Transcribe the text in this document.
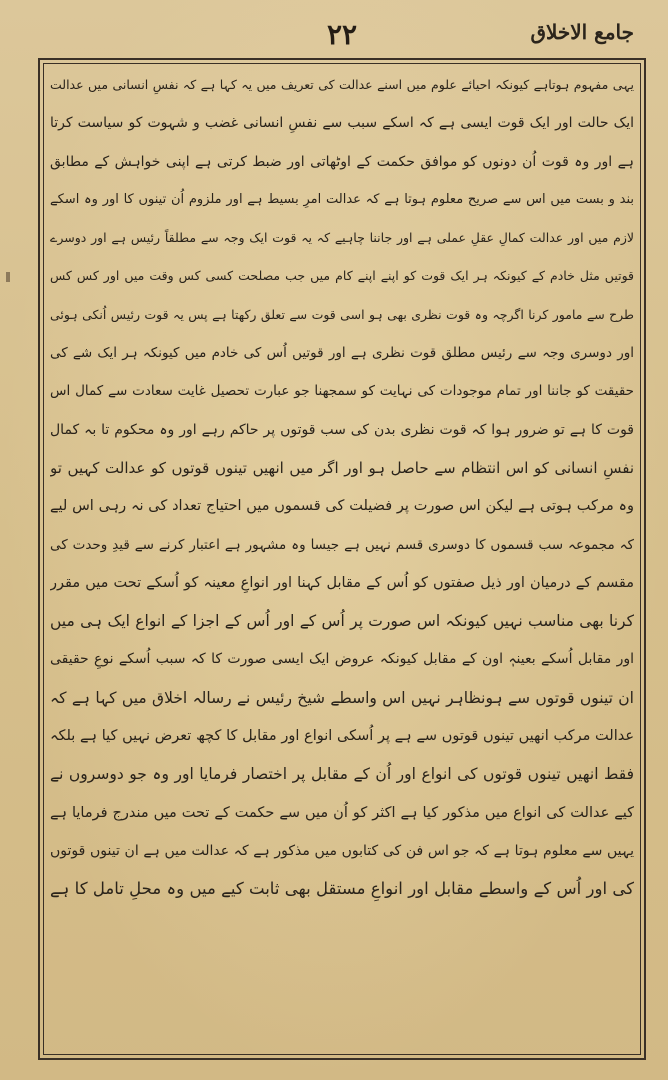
جامع الاخلاق
۲۲
یہی مفہوم ہوتاہے کیونکہ احیائے علوم میں اسنے عدالت کی تعریف میں یہ کہا ہے کہ نفسِ انسانی میں عدالت
ایک حالت اور ایک قوت ایسی ہے کہ اسکے سبب سے نفسِ انسانی غضب و شہوت کو سیاست کرتا
ہے اور وہ قوت اُن دونوں کو موافق حکمت کے اوٹھاتی اور ضبط کرتی ہے اپنی خواہش کے مطابق
بند و بست میں اس سے صریح معلوم ہوتا ہے کہ عدالت امرِ بسیط ہے اور ملزوم اُن تینوں کا اور وہ اسکے
لازم میں اور عدالت کمالِ عقلِ عملی ہے اور جاننا چاہیے کہ یہ قوت ایک وجہ سے مطلقاً رئیس ہے اور دوسرے
قوتیں مثل خادم کے کیونکہ ہر ایک قوت کو اپنے اپنے کام میں جب مصلحت کسی کس وقت میں اور کس کس
طرح سے مامور کرنا اگرچہ وہ قوت نظری بھی ہو اسی قوت سے تعلق رکھتا ہے پس یہ قوت رئیس اُنکی ہوئی
اور دوسری وجہ سے رئیس مطلق قوت نظری ہے اور قوتیں اُس کی خادم میں کیونکہ ہر ایک شے کی
حقیقت کو جاننا اور تمام موجودات کی نہایت کو سمجھنا جو عبارت تحصیل غایت سعادت سے کمال اس
قوت کا ہے تو ضرور ہوا کہ قوت نظری بدن کی سب قوتوں پر حاکم رہے اور وہ محکوم تا بہ کمال
نفسِ انسانی کو اس انتظام سے حاصل ہو اور اگر میں انھیں تینوں قوتوں کو عدالت کہیں تو
وہ مرکب ہوتی ہے لیکن اس صورت پر فضیلت کی قسموں میں احتیاج تعداد کی نہ رہی اس لیے
کہ مجموعہ سب قسموں کا دوسری قسم نہیں ہے جیسا وہ مشہور ہے اعتبار کرنے سے قیدِ وحدت کی
مقسم کے درمیان اور ذیل صفتوں کو اُس کے مقابل کہنا اور انواعِ معینہ کو اُسکے تحت میں مقرر
کرنا بھی مناسب نہیں کیونکہ اس صورت پر اُس کے اور اُس کے اجزا کے انواع ایک ہی میں
اور مقابل اُسکے بعینہٖ اون کے مقابل کیونکہ عروض ایک ایسی صورت کا کہ سبب اُسکے نوعِ حقیقی
ان تینوں قوتوں سے ہونظاہر نہیں اس واسطے شیخ رئیس نے رسالہ اخلاق میں کہا ہے کہ
عدالت مرکب انھیں تینوں قوتوں سے ہے پر اُسکی انواع اور مقابل کا کچھ تعرض نہیں کیا ہے بلکہ
فقط انھیں تینوں قوتوں کی انواع اور اُن کے مقابل پر اختصار فرمایا اور وہ جو دوسروں نے
کیے عدالت کی انواع میں مذکور کیا ہے اکثر کو اُن میں سے حکمت کے تحت میں مندرج فرمایا ہے
یہیں سے معلوم ہوتا ہے کہ جو اس فن کی کتابوں میں مذکور ہے کہ عدالت میں ہے ان تینوں قوتوں
کی اور اُس کے واسطے مقابل اور انواعِ مستقل بھی ثابت کیے میں وہ محلِ تامل کا ہے
